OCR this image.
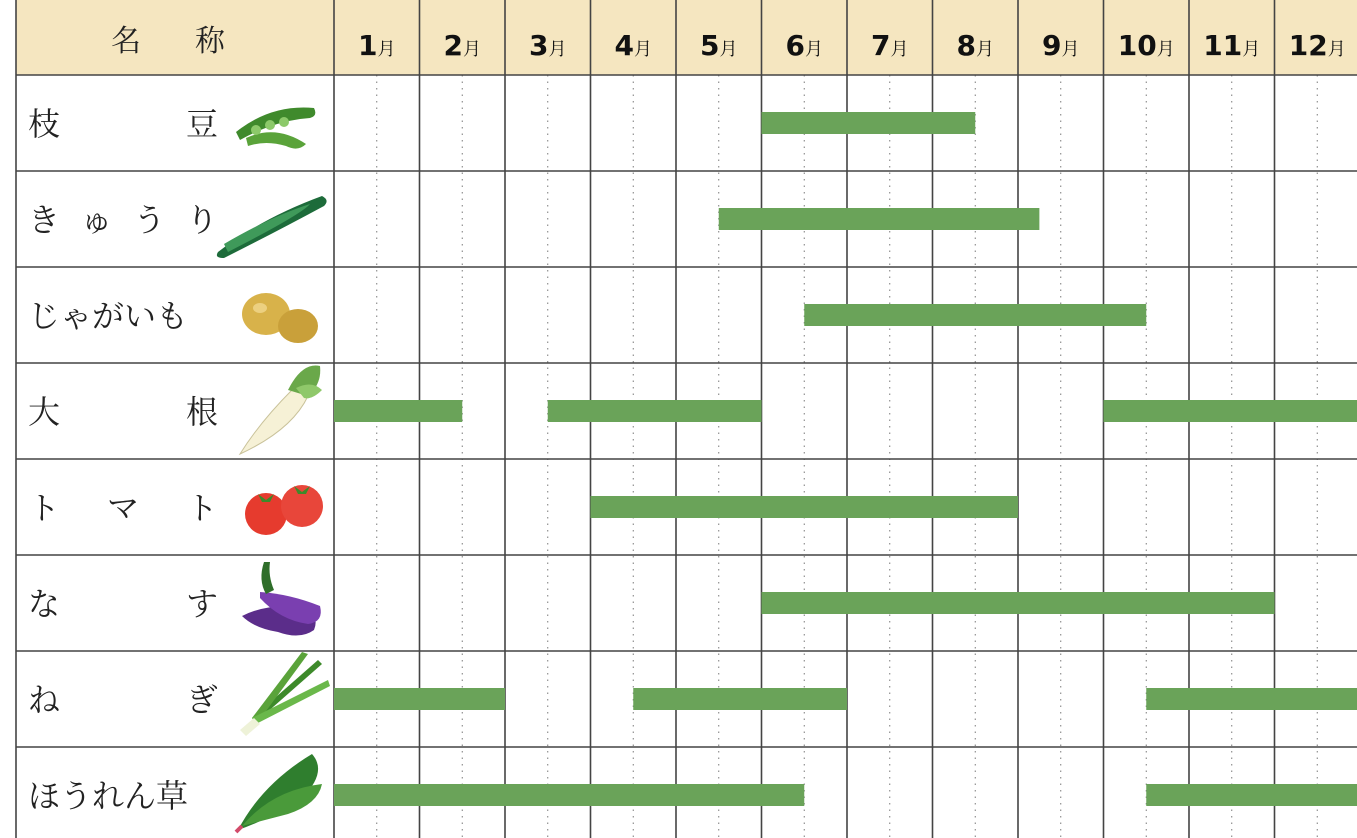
名 称	1月 2月 3月 4月 5月 6月 7月 8月 9月 10月 11月 12月
枝	豆
き ゅ う り
じゃがいも
大	根
ト マ ト
な	す
ね	ぎ
ほうれん草
